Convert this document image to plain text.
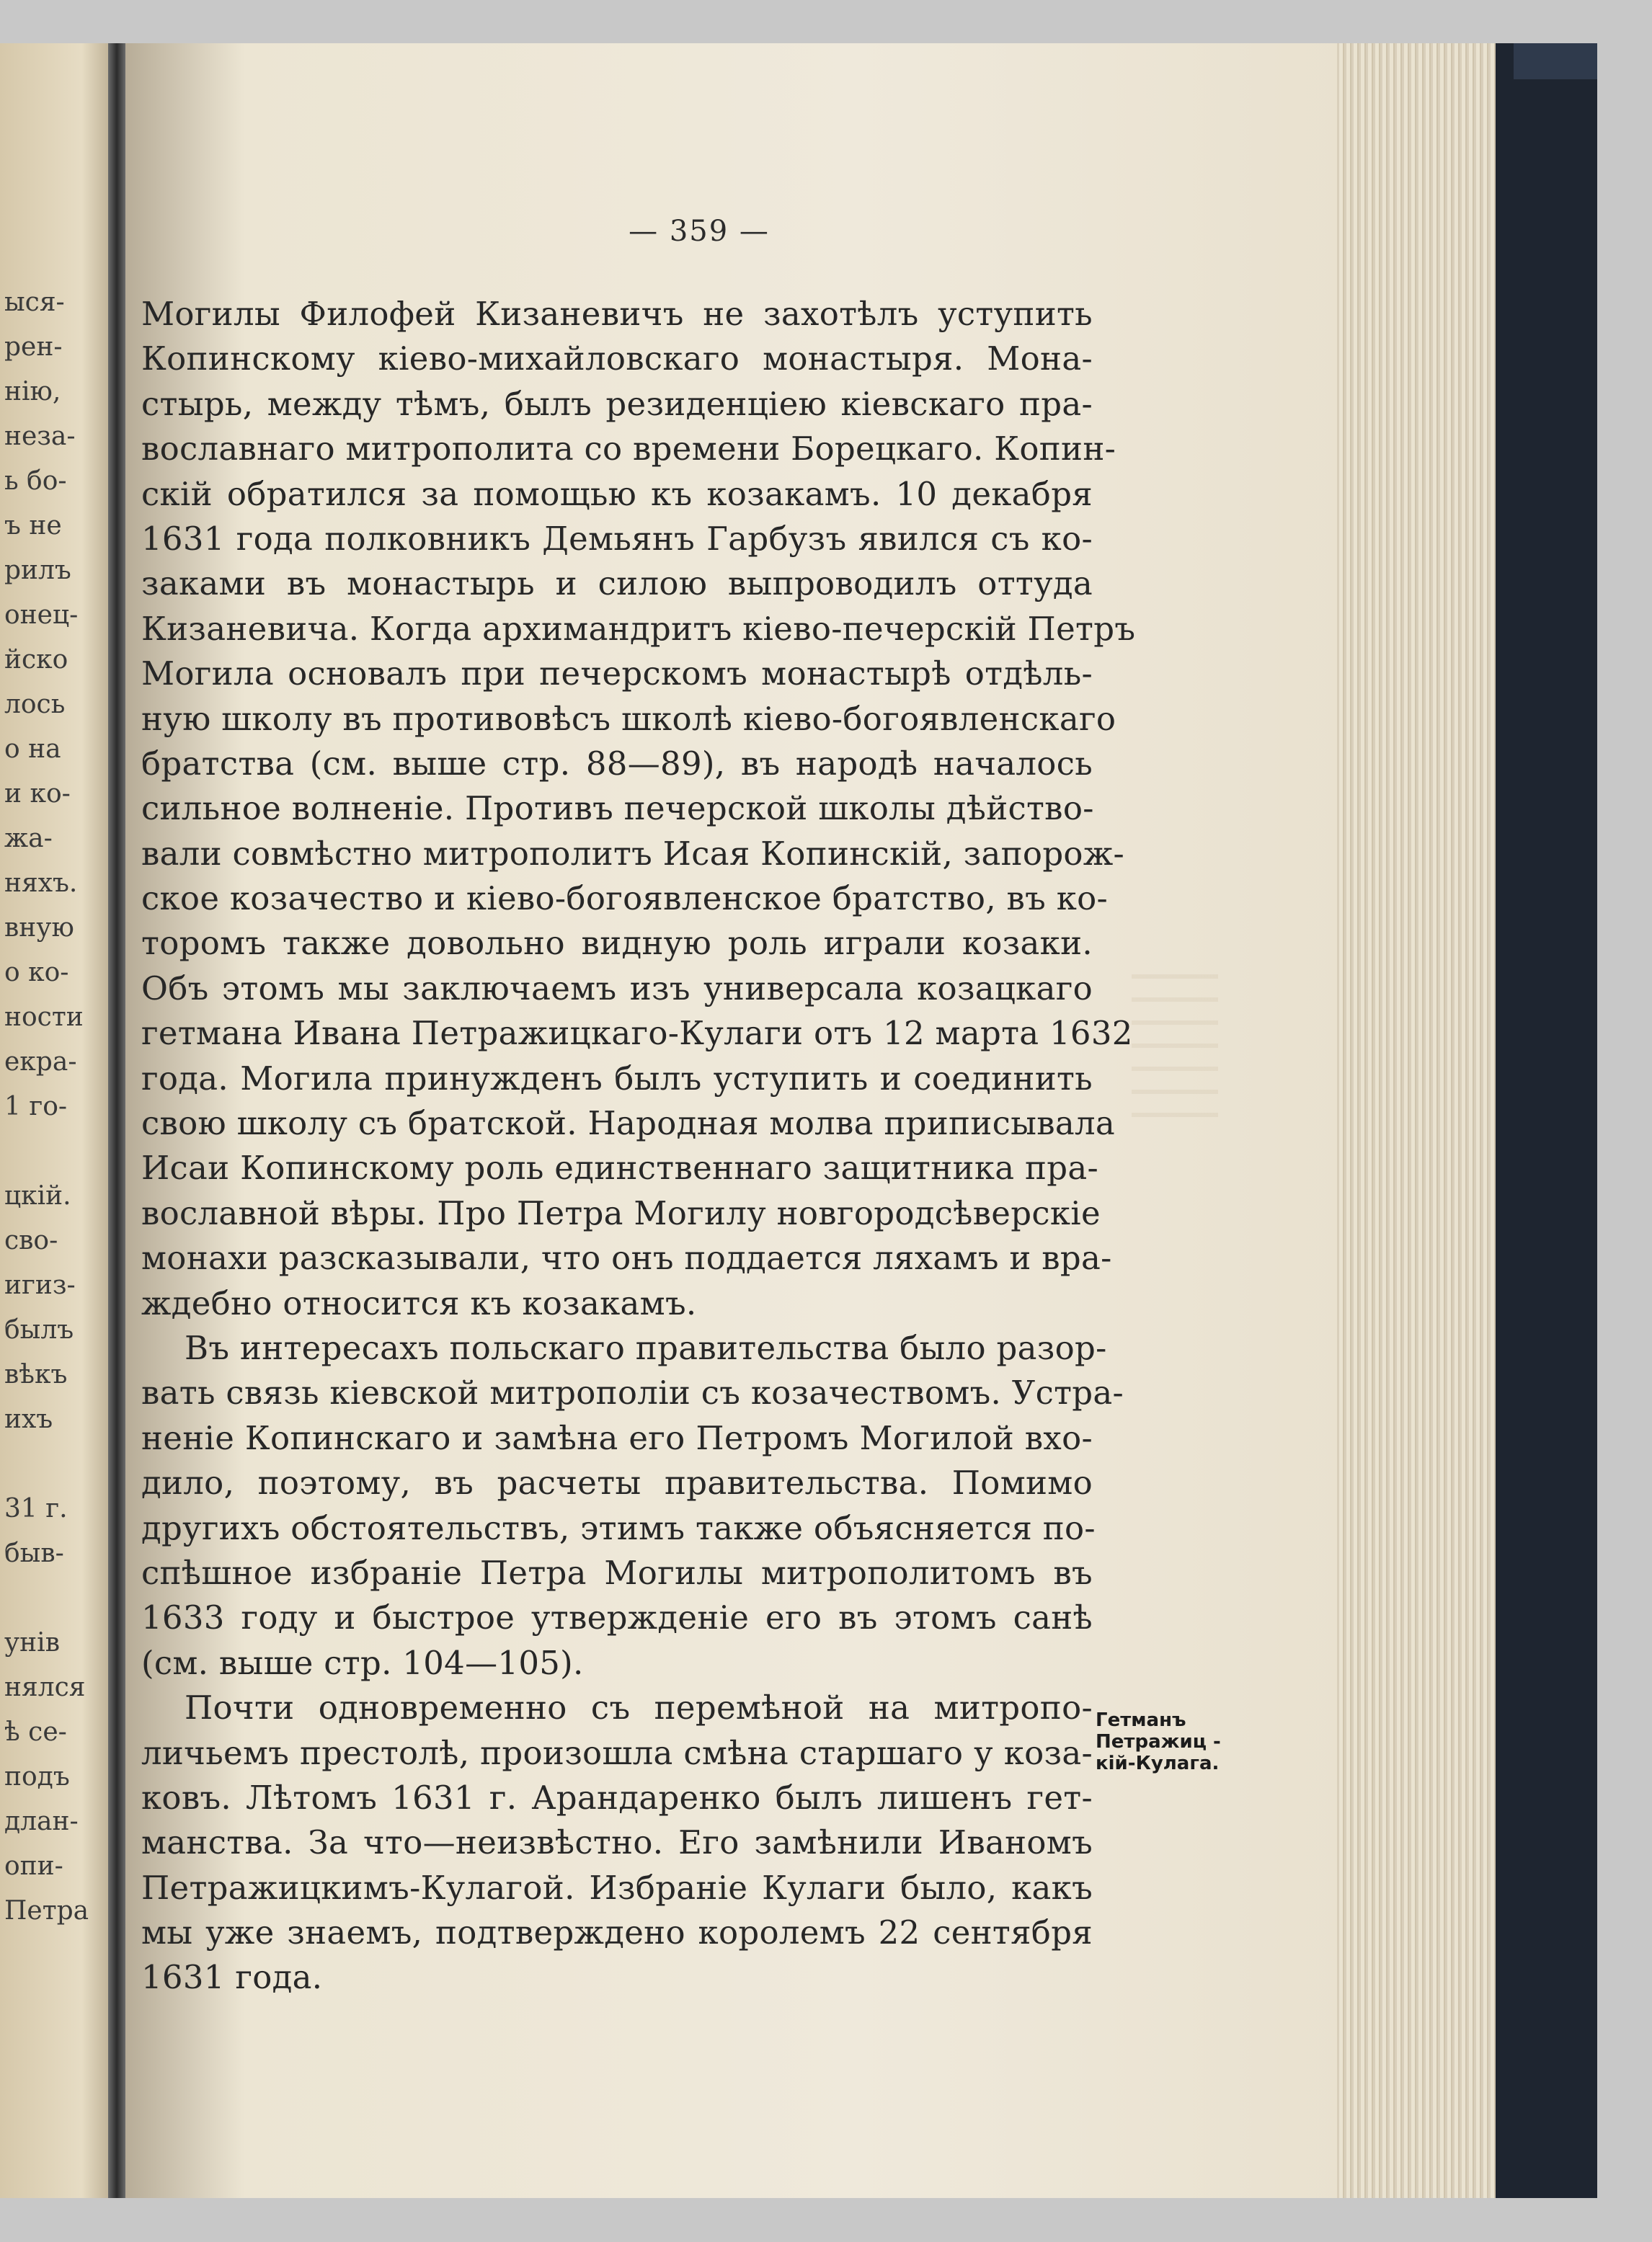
ыся-
рен-
нію,
неза-
ь бо-
ъ не
рилъ
онец-
йско
лось
о на
и ко-
жа-
няхъ.
вную
о ко-
ности
екра-
1 го-
цкій.
сво-
игиз-
былъ
вѣкъ
ихъ
31 г.
быв-
унів
нялся
ѣ се-
подъ
длан-
опи-
Петра
— 359 —
Могилы Филофей Кизаневичъ не захотѣлъ уступить
Копинскому кіево-михайловскаго монастыря. Мона-
стырь, между тѣмъ, былъ резиденціею кіевскаго пра-
вославнаго митрополита со времени Борецкаго. Копин-
скій обратился за помощью къ козакамъ. 10 декабря
1631 года полковникъ Демьянъ Гарбузъ явился съ ко-
заками въ монастырь и силою выпроводилъ оттуда
Кизаневича. Когда архимандритъ кіево-печерскій Петръ
Могила основалъ при печерскомъ монастырѣ отдѣль-
ную школу въ противовѣсъ школѣ кіево-богоявленскаго
братства (см. выше стр. 88—89), въ народѣ началось
сильное волненіе. Противъ печерской школы дѣйство-
вали совмѣстно митрополитъ Исая Копинскій, запорож-
ское козачество и кіево-богоявленское братство, въ ко-
торомъ также довольно видную роль играли козаки.
Объ этомъ мы заключаемъ изъ универсала козацкаго
гетмана Ивана Петражицкаго-Кулаги отъ 12 марта 1632
года. Могила принужденъ былъ уступить и соединить
свою школу съ братской. Народная молва приписывала
Исаи Копинскому роль единственнаго защитника пра-
вославной вѣры. Про Петра Могилу новгородсѣверскіе
монахи разсказывали, что онъ поддается ляхамъ и вра-
ждебно относится къ козакамъ.
Въ интересахъ польскаго правительства было разор-
вать связь кіевской митрополіи съ козачествомъ. Устра-
неніе Копинскаго и замѣна его Петромъ Могилой вхо-
дило, поэтому, въ расчеты правительства. Помимо
другихъ обстоятельствъ, этимъ также объясняется по-
спѣшное избраніе Петра Могилы митрополитомъ въ
1633 году и быстрое утвержденіе его въ этомъ санѣ
(см. выше стр. 104—105).
Почти одновременно съ перемѣной на митропо-
личьемъ престолѣ, произошла смѣна старшаго у коза-
ковъ. Лѣтомъ 1631 г. Арандаренко былъ лишенъ гет-
манства. За что—неизвѣстно. Его замѣнили Иваномъ
Петражицкимъ-Кулагой. Избраніе Кулаги было, какъ
мы уже знаемъ, подтверждено королемъ 22 сентября
1631 года.
Гетманъ
Петражиц -
кій-Кулага.
